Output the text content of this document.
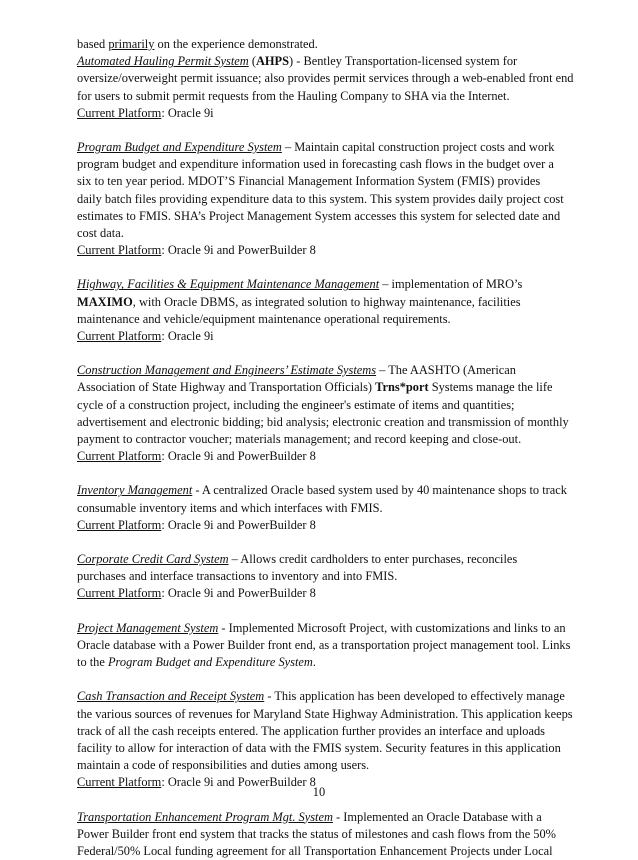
based primarily on the experience demonstrated.
Automated Hauling Permit System (AHPS) - Bentley Transportation-licensed system for
oversize/overweight permit issuance; also provides permit services through a web-enabled front end
for users to submit permit requests from the Hauling Company to SHA via the Internet.
Current Platform: Oracle 9i
Program Budget and Expenditure System – Maintain capital construction project costs and work
program budget and expenditure information used in forecasting cash flows in the budget over a
six to ten year period. MDOT’S Financial Management Information System (FMIS) provides
daily batch files providing expenditure data to this system. This system provides daily project cost
estimates to FMIS. SHA’s Project Management System accesses this system for selected date and
cost data.
Current Platform: Oracle 9i and PowerBuilder 8
Highway, Facilities & Equipment Maintenance Management – implementation of MRO’s
MAXIMO, with Oracle DBMS, as integrated solution to highway maintenance, facilities
maintenance and vehicle/equipment maintenance operational requirements.
Current Platform: Oracle 9i
Construction Management and Engineers’ Estimate Systems – The AASHTO (American
Association of State Highway and Transportation Officials) Trns*port Systems manage the life
cycle of a construction project, including the engineer's estimate of items and quantities;
advertisement and electronic bidding; bid analysis; electronic creation and transmission of monthly
payment to contractor voucher; materials management; and record keeping and close-out.
Current Platform: Oracle 9i and PowerBuilder 8
Inventory Management - A centralized Oracle based system used by 40 maintenance shops to track
consumable inventory items and which interfaces with FMIS.
Current Platform: Oracle 9i and PowerBuilder 8
Corporate Credit Card System – Allows credit cardholders to enter purchases, reconciles
purchases and interface transactions to inventory and into FMIS.
Current Platform: Oracle 9i and PowerBuilder 8
Project Management System - Implemented Microsoft Project, with customizations and links to an
Oracle database with a Power Builder front end, as a transportation project management tool. Links
to the Program Budget and Expenditure System.
Cash Transaction and Receipt System - This application has been developed to effectively manage
the various sources of revenues for Maryland State Highway Administration. This application keeps
track of all the cash receipts entered. The application further provides an interface and uploads
facility to allow for interaction of data with the FMIS system. Security features in this application
maintain a code of responsibilities and duties among users.
Current Platform: Oracle 9i and PowerBuilder 8
Transportation Enhancement Program Mgt. System - Implemented an Oracle Database with a
Power Builder front end system that tracks the status of milestones and cash flows from the 50%
Federal/50% Local funding agreement for all Transportation Enhancement Projects under Local
10
